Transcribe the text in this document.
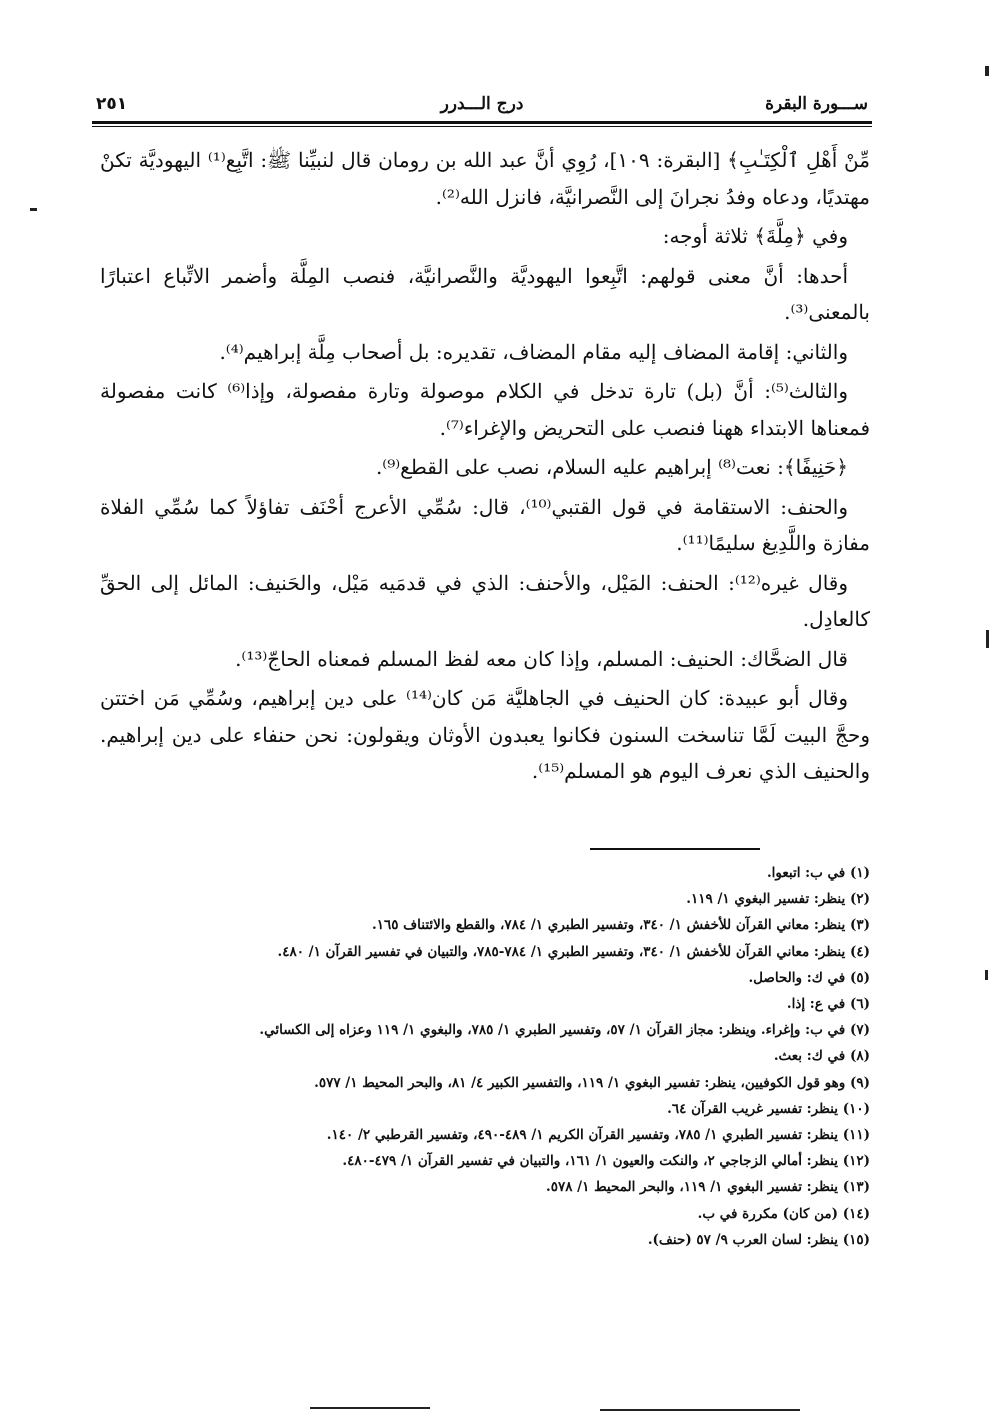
ســـورة البقرة
درج الـــدرر
٢٥١

مِّنْ أَهْلِ ٱلْكِتَـٰبِ﴾ [البقرة: ١٠٩]، رُوِي أنَّ عبد الله بن رومان قال لنبيِّنا ﷺ: اتَّبِع⁽¹⁾ اليهوديَّة تكنْ مهتديًا، ودعاه وفدُ نجرانَ إلى النَّصرانيَّة، فانزل الله⁽²⁾.

وفي ﴿مِلَّةَ﴾ ثلاثة أوجه:

أحدها: أنَّ معنى قولهم: اتَّبِعوا اليهوديَّة والنَّصرانيَّة، فنصب المِلَّة وأضمر الاتِّباع اعتبارًا بالمعنى⁽³⁾.

والثاني: إقامة المضاف إليه مقام المضاف، تقديره: بل أصحاب مِلَّة إبراهيم⁽⁴⁾.

والثالث⁽⁵⁾: أنَّ (بل) تارة تدخل في الكلام موصولة وتارة مفصولة، وإذا⁽⁶⁾ كانت مفصولة فمعناها الابتداء ههنا فنصب على التحريض والإغراء⁽⁷⁾.

﴿حَنِيفًا﴾: نعت⁽⁸⁾ إبراهيم عليه السلام، نصب على القطع⁽⁹⁾.

والحنف: الاستقامة في قول القتبي⁽¹⁰⁾، قال: سُمِّي الأعرج أحْنَف تفاؤلاً كما سُمِّي الفلاة مفازة واللَّدِيغ سليمًا⁽¹¹⁾.

وقال غيره⁽¹²⁾: الحنف: المَيْل، والأحنف: الذي في قدمَيه مَيْل، والحَنيف: المائل إلى الحقِّ كالعادِل.

قال الضحَّاك: الحنيف: المسلم، وإذا كان معه لفظ المسلم فمعناه الحاجّ⁽¹³⁾.

وقال أبو عبيدة: كان الحنيف في الجاهليَّة مَن كان⁽¹⁴⁾ على دين إبراهيم، وسُمِّي مَن اختتن وحجَّ البيت لَمَّا تناسخت السنون فكانوا يعبدون الأوثان ويقولون: نحن حنفاء على دين إبراهيم. والحنيف الذي نعرف اليوم هو المسلم⁽¹⁵⁾.

(١) في ب: اتبعوا.
(٢) ينظر: تفسير البغوي ١/ ١١٩.
(٣) ينظر: معاني القرآن للأخفش ١/ ٣٤٠، وتفسير الطبري ١/ ٧٨٤، والقطع والائتناف ١٦٥.
(٤) ينظر: معاني القرآن للأخفش ١/ ٣٤٠، وتفسير الطبري ١/ ٧٨٤-٧٨٥، والتبيان في تفسير القرآن ١/ ٤٨٠.
(٥) في ك: والحاصل.
(٦) في ع: إذا.
(٧) في ب: وإغراء. وينظر: مجاز القرآن ١/ ٥٧، وتفسير الطبري ١/ ٧٨٥، والبغوي ١/ ١١٩ وعزاه إلى الكسائي.
(٨) في ك: بعث.
(٩) وهو قول الكوفيين، ينظر: تفسير البغوي ١/ ١١٩، والتفسير الكبير ٤/ ٨١، والبحر المحيط ١/ ٥٧٧.
(١٠) ينظر: تفسير غريب القرآن ٦٤.
(١١) ينظر: تفسير الطبري ١/ ٧٨٥، وتفسير القرآن الكريم ١/ ٤٨٩-٤٩٠، وتفسير القرطبي ٢/ ١٤٠.
(١٢) ينظر: أمالي الزجاجي ٢، والنكت والعيون ١/ ١٦١، والتبيان في تفسير القرآن ١/ ٤٧٩-٤٨٠.
(١٣) ينظر: تفسير البغوي ١/ ١١٩، والبحر المحيط ١/ ٥٧٨.
(١٤) (من كان) مكررة في ب.
(١٥) ينظر: لسان العرب ٩/ ٥٧ (حنف).
